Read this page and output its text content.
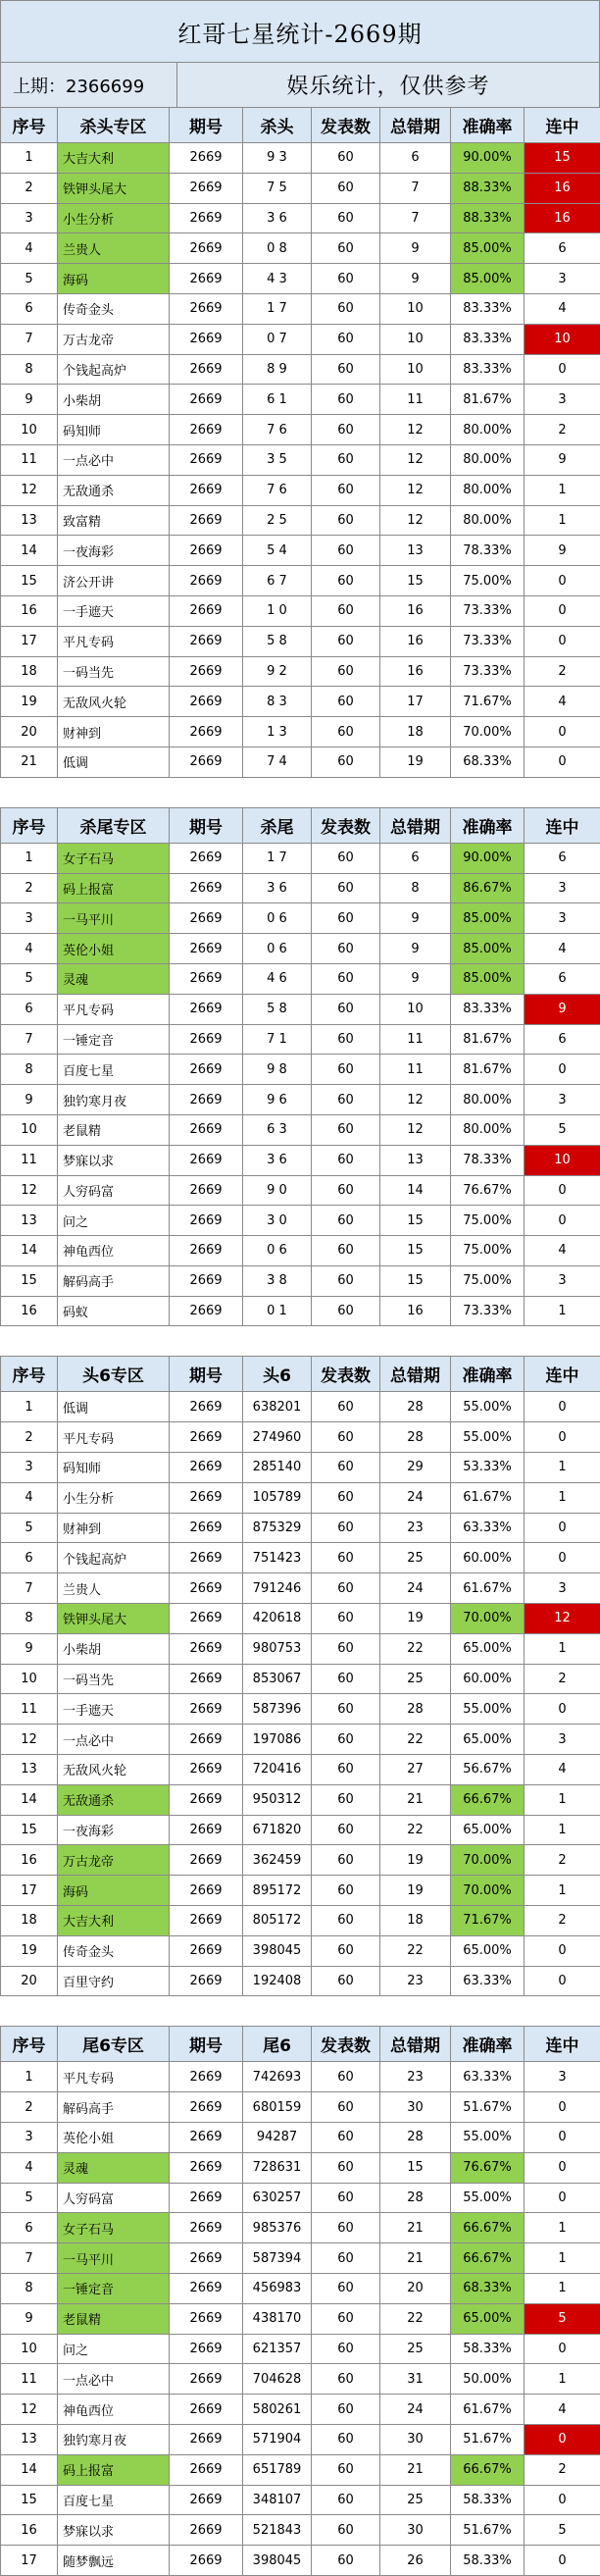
红哥七星统计-2669期
上期：2366699	娱乐统计，仅供参考
序号	杀头专区	期号	杀头	发表数	总错期	准确率	连中
1	大吉大利	2669	9 3	60	6	90.00%	15
2	铁钾头尾大	2669	7 5	60	7	88.33%	16
3	小生分析	2669	3 6	60	7	88.33%	16
4	兰贵人	2669	0 8	60	9	85.00%	6
5	海码	2669	4 3	60	9	85.00%	3
6	传奇金头	2669	1 7	60	10	83.33%	4
7	万古龙帝	2669	0 7	60	10	83.33%	10
8	个钱起高炉	2669	8 9	60	10	83.33%	0
9	小柴胡	2669	6 1	60	11	81.67%	3
10	码知师	2669	7 6	60	12	80.00%	2
11	一点必中	2669	3 5	60	12	80.00%	9
12	无敌通杀	2669	7 6	60	12	80.00%	1
13	致富精	2669	2 5	60	12	80.00%	1
14	一夜海彩	2669	5 4	60	13	78.33%	9
15	济公开讲	2669	6 7	60	15	75.00%	0
16	一手遮天	2669	1 0	60	16	73.33%	0
17	平凡专码	2669	5 8	60	16	73.33%	0
18	一码当先	2669	9 2	60	16	73.33%	2
19	无敌风火轮	2669	8 3	60	17	71.67%	4
20	财神到	2669	1 3	60	18	70.00%	0
21	低调	2669	7 4	60	19	68.33%	0
序号	杀尾专区	期号	杀尾	发表数	总错期	准确率	连中
1	女子石马	2669	1 7	60	6	90.00%	6
2	码上报富	2669	3 6	60	8	86.67%	3
3	一马平川	2669	0 6	60	9	85.00%	3
4	英伦小姐	2669	0 6	60	9	85.00%	4
5	灵魂	2669	4 6	60	9	85.00%	6
6	平凡专码	2669	5 8	60	10	83.33%	9
7	一锤定音	2669	7 1	60	11	81.67%	6
8	百度七星	2669	9 8	60	11	81.67%	0
9	独钓寒月夜	2669	9 6	60	12	80.00%	3
10	老鼠精	2669	6 3	60	12	80.00%	5
11	梦寐以求	2669	3 6	60	13	78.33%	10
12	人穷码富	2669	9 0	60	14	76.67%	0
13	问之	2669	3 0	60	15	75.00%	0
14	神龟西位	2669	0 6	60	15	75.00%	4
15	解码高手	2669	3 8	60	15	75.00%	3
16	码蚁	2669	0 1	60	16	73.33%	1
序号	头6专区	期号	头6	发表数	总错期	准确率	连中
1	低调	2669	638201	60	28	55.00%	0
2	平凡专码	2669	274960	60	28	55.00%	0
3	码知师	2669	285140	60	29	53.33%	1
4	小生分析	2669	105789	60	24	61.67%	1
5	财神到	2669	875329	60	23	63.33%	0
6	个钱起高炉	2669	751423	60	25	60.00%	0
7	兰贵人	2669	791246	60	24	61.67%	3
8	铁钾头尾大	2669	420618	60	19	70.00%	12
9	小柴胡	2669	980753	60	22	65.00%	1
10	一码当先	2669	853067	60	25	60.00%	2
11	一手遮天	2669	587396	60	28	55.00%	0
12	一点必中	2669	197086	60	22	65.00%	3
13	无敌风火轮	2669	720416	60	27	56.67%	4
14	无敌通杀	2669	950312	60	21	66.67%	1
15	一夜海彩	2669	671820	60	22	65.00%	1
16	万古龙帝	2669	362459	60	19	70.00%	2
17	海码	2669	895172	60	19	70.00%	1
18	大吉大利	2669	805172	60	18	71.67%	2
19	传奇金头	2669	398045	60	22	65.00%	0
20	百里守约	2669	192408	60	23	63.33%	0
序号	尾6专区	期号	尾6	发表数	总错期	准确率	连中
1	平凡专码	2669	742693	60	23	63.33%	3
2	解码高手	2669	680159	60	30	51.67%	0
3	英伦小姐	2669	94287	60	28	55.00%	0
4	灵魂	2669	728631	60	15	76.67%	0
5	人穷码富	2669	630257	60	28	55.00%	0
6	女子石马	2669	985376	60	21	66.67%	1
7	一马平川	2669	587394	60	21	66.67%	1
8	一锤定音	2669	456983	60	20	68.33%	1
9	老鼠精	2669	438170	60	22	65.00%	5
10	问之	2669	621357	60	25	58.33%	0
11	一点必中	2669	704628	60	31	50.00%	1
12	神龟西位	2669	580261	60	24	61.67%	4
13	独钓寒月夜	2669	571904	60	30	51.67%	0
14	码上报富	2669	651789	60	21	66.67%	2
15	百度七星	2669	348107	60	25	58.33%	0
16	梦寐以求	2669	521843	60	30	51.67%	5
17	随梦飘远	2669	398045	60	26	58.33%	0
